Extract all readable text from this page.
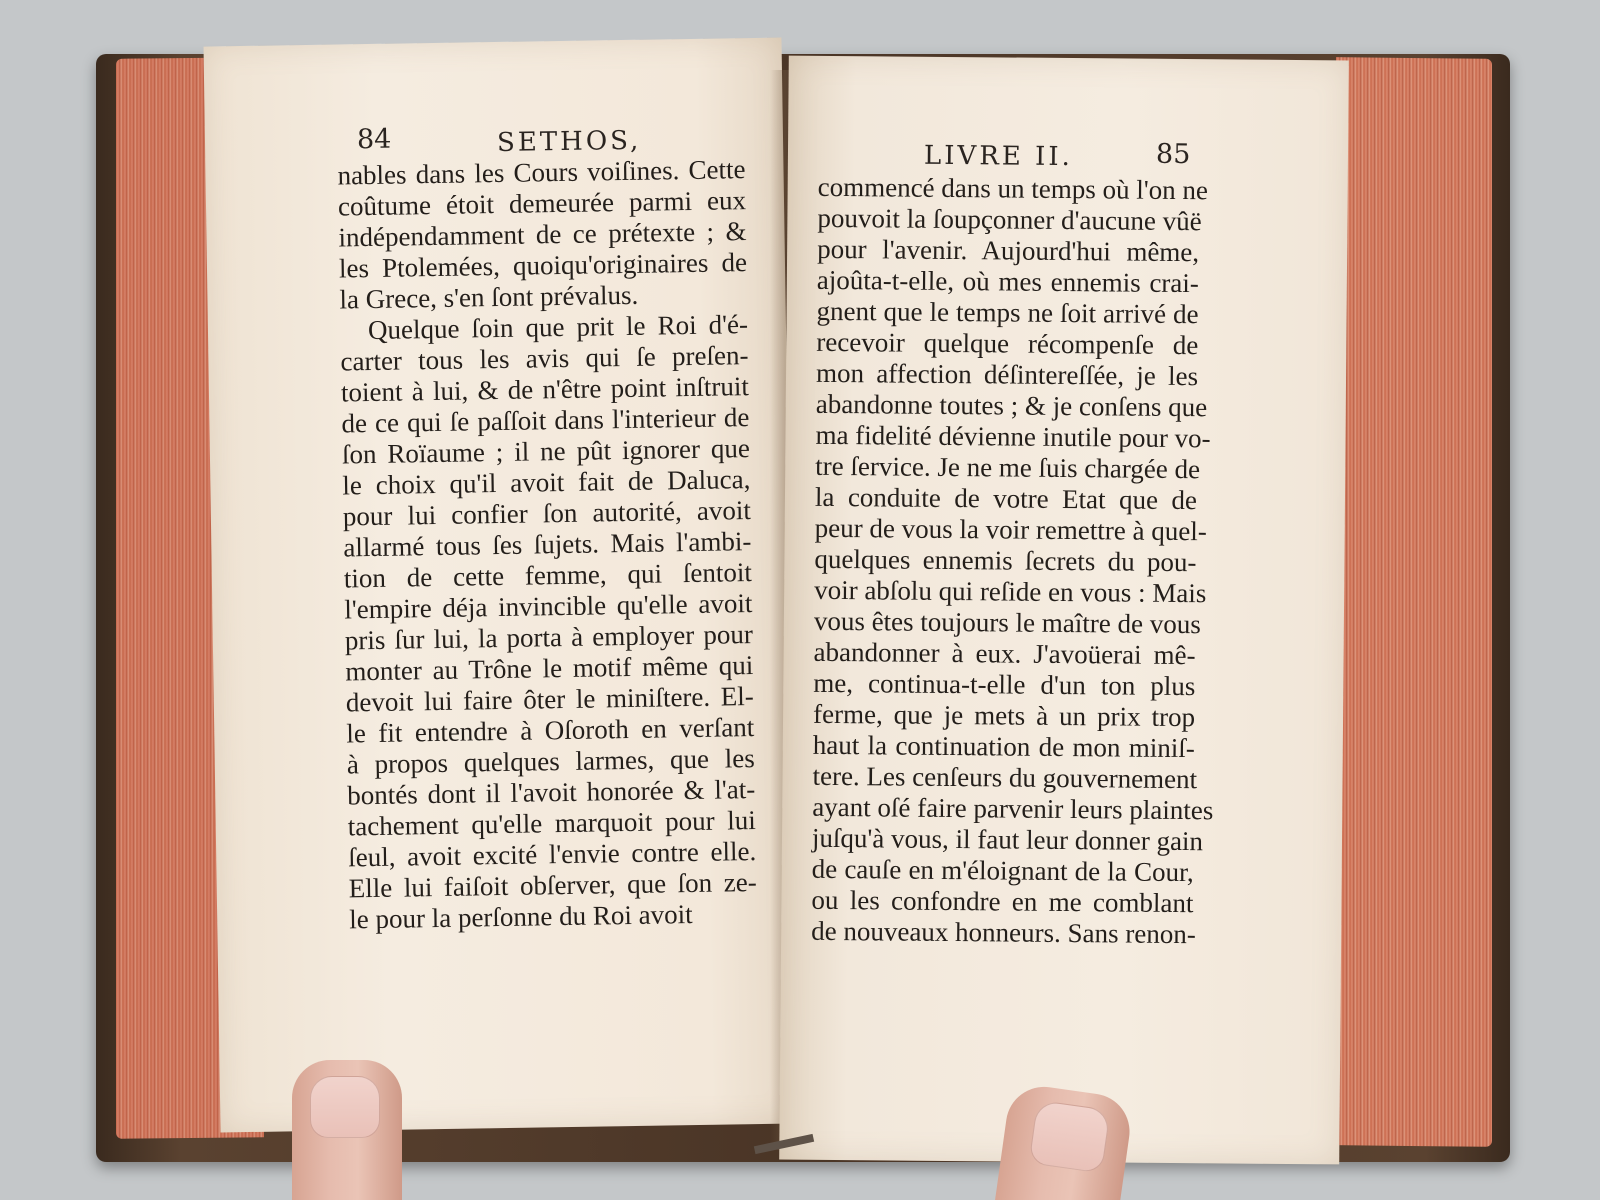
84	SETHOS,
nables dans les Cours voiſines. Cette
coûtume étoit demeurée parmi eux
indépendamment de ce prétexte ; &
les Ptolemées, quoiqu'originaires de
la Grece, s'en ſont prévalus.
Quelque ſoin que prit le Roi d'é-
carter tous les avis qui ſe preſen-
toient à lui, & de n'être point inſtruit
de ce qui ſe paſſoit dans l'interieur de
ſon Roïaume ; il ne pût ignorer que
le choix qu'il avoit fait de Daluca,
pour lui confier ſon autorité, avoit
allarmé tous ſes ſujets. Mais l'ambi-
tion de cette femme, qui ſentoit
l'empire déja invincible qu'elle avoit
pris ſur lui, la porta à employer pour
monter au Trône le motif même qui
devoit lui faire ôter le miniſtere. El-
le fit entendre à Oſoroth en verſant
à propos quelques larmes, que les
bontés dont il l'avoit honorée & l'at-
tachement qu'elle marquoit pour lui
ſeul, avoit excité l'envie contre elle.
Elle lui faiſoit obſerver, que ſon ze-
le pour la perſonne du Roi avoit
LIVRE II.	85
commencé dans un temps où l'on ne
pouvoit la ſoupçonner d'aucune vûë
pour l'avenir. Aujourd'hui même,
ajoûta-t-elle, où mes ennemis crai-
gnent que le temps ne ſoit arrivé de
recevoir quelque récompenſe de
mon affection déſintereſſée, je les
abandonne toutes ; & je conſens que
ma fidelité dévienne inutile pour vo-
tre ſervice. Je ne me ſuis chargée de
la conduite de votre Etat que de
peur de vous la voir remettre à quel-
quelques ennemis ſecrets du pou-
voir abſolu qui reſide en vous : Mais
vous êtes toujours le maître de vous
abandonner à eux. J'avoüerai mê-
me, continua-t-elle d'un ton plus
ferme, que je mets à un prix trop
haut la continuation de mon miniſ-
tere. Les cenſeurs du gouvernement
ayant oſé faire parvenir leurs plaintes
juſqu'à vous, il faut leur donner gain
de cauſe en m'éloignant de la Cour,
ou les confondre en me comblant
de nouveaux honneurs. Sans renon-
